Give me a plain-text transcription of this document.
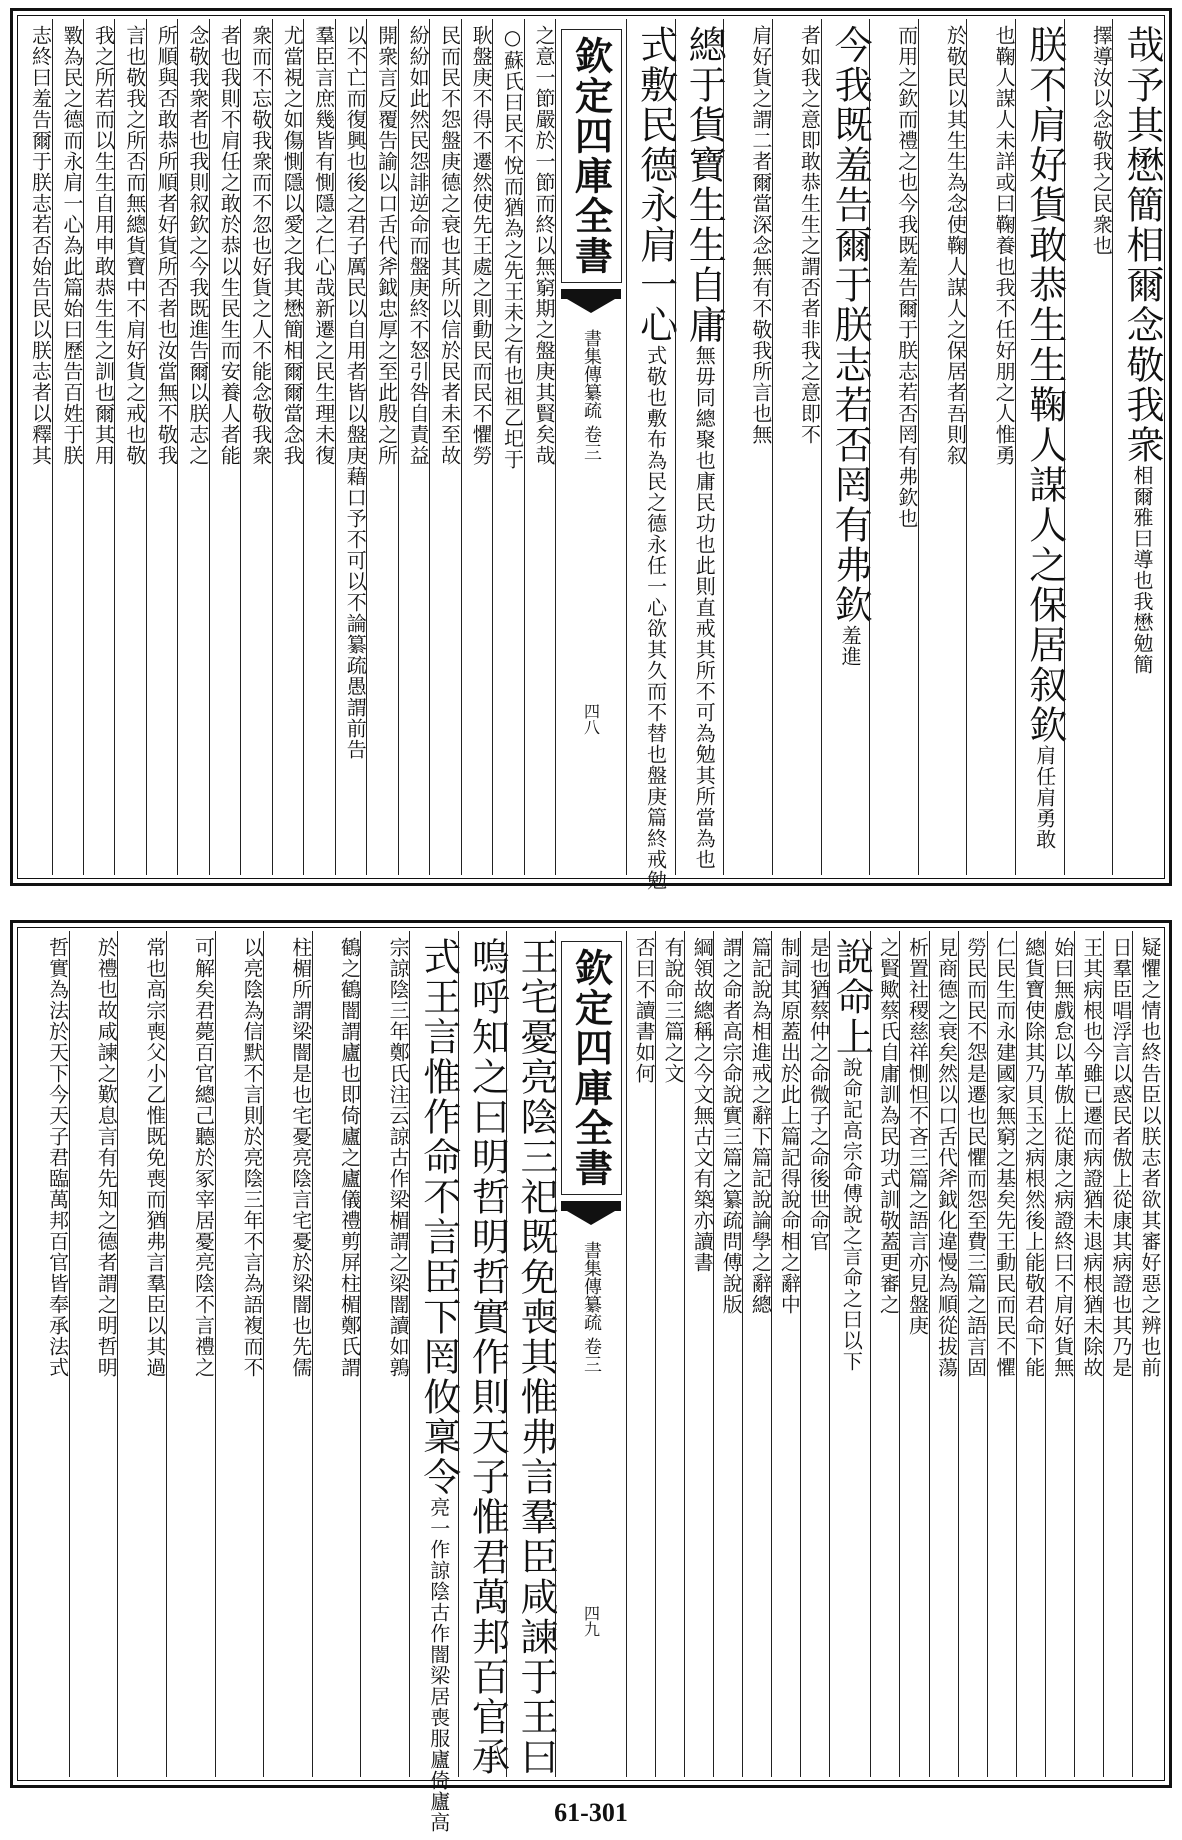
哉予其懋簡相爾念敬我衆相爾雅曰導也我懋勉簡
擇導汝以念敬我之民衆也
朕不肩好貨敢恭生生鞠人謀人之保居叙欽肩任肩勇敢
也鞠人謀人未詳或曰鞠養也我不任好朋之人惟勇
於敬民以其生生為念使鞠人謀人之保居者吾則叙
而用之欽而禮之也今我既羞告爾于朕志若否罔有弗欽也
今我既羞告爾于朕志若否罔有弗欽羞進
者如我之意即敢恭生生之謂否者非我之意即不
肩好貨之謂二者爾當深念無有不敬我所言也無
總于貨寶生生自庸無毋同總聚也庸民功也此則直戒其所不可為勉其所當為也
式敷民德永肩一心式敬也敷布為民之德永任一心欲其久而不替也盤庚篇終戒勉
欽定四庫全書
書集傳纂疏
卷三
四八
之意一節嚴於一節而終以無窮期之盤庚其賢矣哉
○蘇氏曰民不悅而猶為之先王未之有也祖乙圯于
耿盤庚不得不遷然使先王處之則動民而民不懼勞
民而民不怨盤庚德之衰也其所以信於民者未至故
紛紛如此然民怨誹逆命而盤庚終不怒引咎自責益
開衆言反覆告諭以口舌代斧鉞忠厚之至此殷之所
以不亡而復興也後之君子厲民以自用者皆以盤庚藉口予不可以不論纂疏愚謂前告
羣臣言庶幾皆有惻隱之仁心哉新遷之民生理未復
尤當視之如傷惻隱以愛之我其懋簡相爾爾當念我
衆而不忘敬我衆而不忽也好貨之人不能念敬我衆
者也我則不肩任之敢於恭以生民生而安養人者能
念敬我衆者也我則叙欽之今我既進告爾以朕志之
所順與否敢恭所順者好貨所否者也汝當無不敬我
言也敬我之所否而無總貨寶中不肩好貨之戒也敬
我之所若而以生生自用申敢恭生生之訓也爾其用
斁為民之德而永肩一心為此篇始曰歷告百姓于朕
志終曰羞告爾于朕志若否始告民以朕志者以釋其
疑懼之情也終告臣以朕志者欲其審好惡之辨也前
日羣臣唱浮言以惑民者傲上從康其病證也其乃是
王其病根也今雖已遷而病證猶未退病根猶未除故
始曰無戲怠以革傲上從康之病證終曰不肩好貨無
總貨寶使除其乃貝玉之病根然後上能敬君命下能
仁民生而永建國家無窮之基矣先王動民而民不懼
勞民而民不怨是遷也民懼而怨至費三篇之語言固
見商德之衰矣然以口舌代斧鉞化違慢為順從拔蕩
析置社稷慈祥惻怛不吝三篇之語言亦見盤庚
之賢歟蔡氏自庸訓為民功式訓敬蓋更審之
說命上說命記高宗命傅說之言命之曰以下
是也猶蔡仲之命微子之命後世命官
制詞其原蓋出於此上篇記得說命相之辭中
篇記說為相進戒之辭下篇記說論學之辭總
謂之命者高宗命說實三篇之纂疏問傅說版
綱領故總稱之今文無古文有築亦讀書
有說命三篇之文
否曰不讀書如何
欽定四庫全書
書集傳纂疏
卷三
四九
王宅憂亮陰三祀既免喪其惟弗言羣臣咸諫于王曰
嗚呼知之曰明哲明哲實作則天子惟君萬邦百官承
式王言惟作命不言臣下罔攸稟令亮一作諒陰古作闇梁居喪服廬倚廬高
宗諒陰三年鄭氏注云諒古作梁楣謂之梁闇讀如鶉
鶴之鶴闇謂廬也即倚廬之廬儀禮剪屏柱楣鄭氏謂
柱楣所謂梁闇是也宅憂亮陰言宅憂於梁闇也先儒
以亮陰為信默不言則於亮陰三年不言為語複而不
可解矣君薨百官總己聽於冢宰居憂亮陰不言禮之
常也高宗喪父小乙惟既免喪而猶弗言羣臣以其過
於禮也故咸諫之歎息言有先知之德者謂之明哲明
哲實為法於天下今天子君臨萬邦百官皆奉承法式
61-301
